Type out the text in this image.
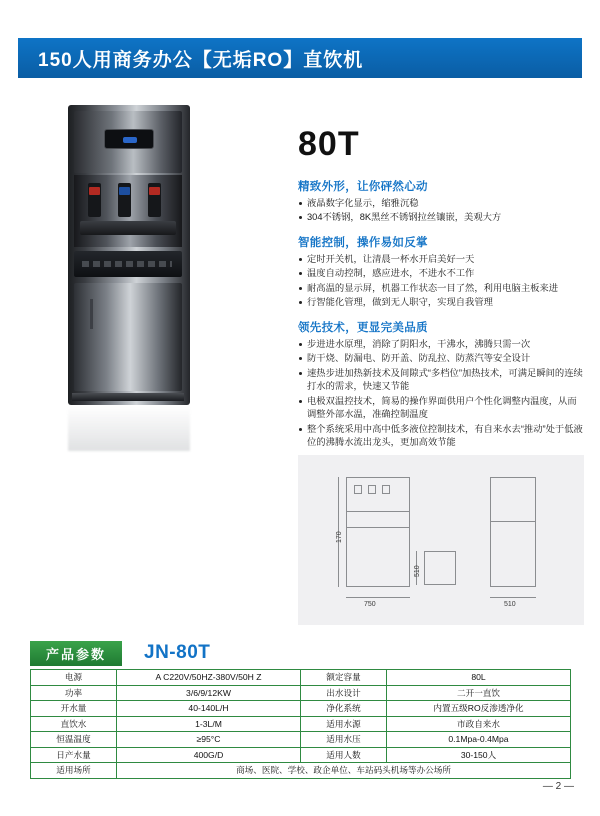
150人用商务办公【无垢RO】直饮机
80T
精致外形，让你砰然心动
液晶数字化显示，缩雅沉稳
304不锈钢，8K黑丝不锈钢拉丝镶嵌，美观大方
智能控制，操作易如反掌
定时开关机，让清晨一杯水开启美好一天
温度自动控制，感应进水，不进水不工作
耐高温的显示屏，机器工作状态一目了然，利用电脑主板来进
行智能化管理，做到无人职守，实现自我管理
领先技术，更显完美品质
步进进水原理，消除了阴阳水，干沸水，沸腾只需一次
防干烧、防漏电、防开盖、防乱拉、防蒸汽等安全设计
速热步进加热新技术及间隙式“多档位”加热技术，可满足瞬间的连续打水的需求，快速又节能
电极双温控技术，简易的操作界面供用户个性化调整内温度，从而调整外部水温，准确控制温度
整个系统采用中高中低多液位控制技术，有自来水去“推动”处于低液位的沸腾水流出龙头，更加高效节能
170
750
510
510
产品参数	JN-80T
电源	A C220V/50HZ-380V/50H Z	额定容量	80L
功率	3/6/9/12KW	出水设计	二开一直饮
开水量	40-140L/H	净化系统	内置五级RO反渗透净化
直饮水	1-3L/M	适用水源	市政自来水
恒温温度	≥95°C	适用水压	0.1Mpa-0.4Mpa
日产水量	400G/D	适用人数	30-150人
适用场所	商场、医院、学校、政企单位、车站码头机场等办公场所		
— 2 —
